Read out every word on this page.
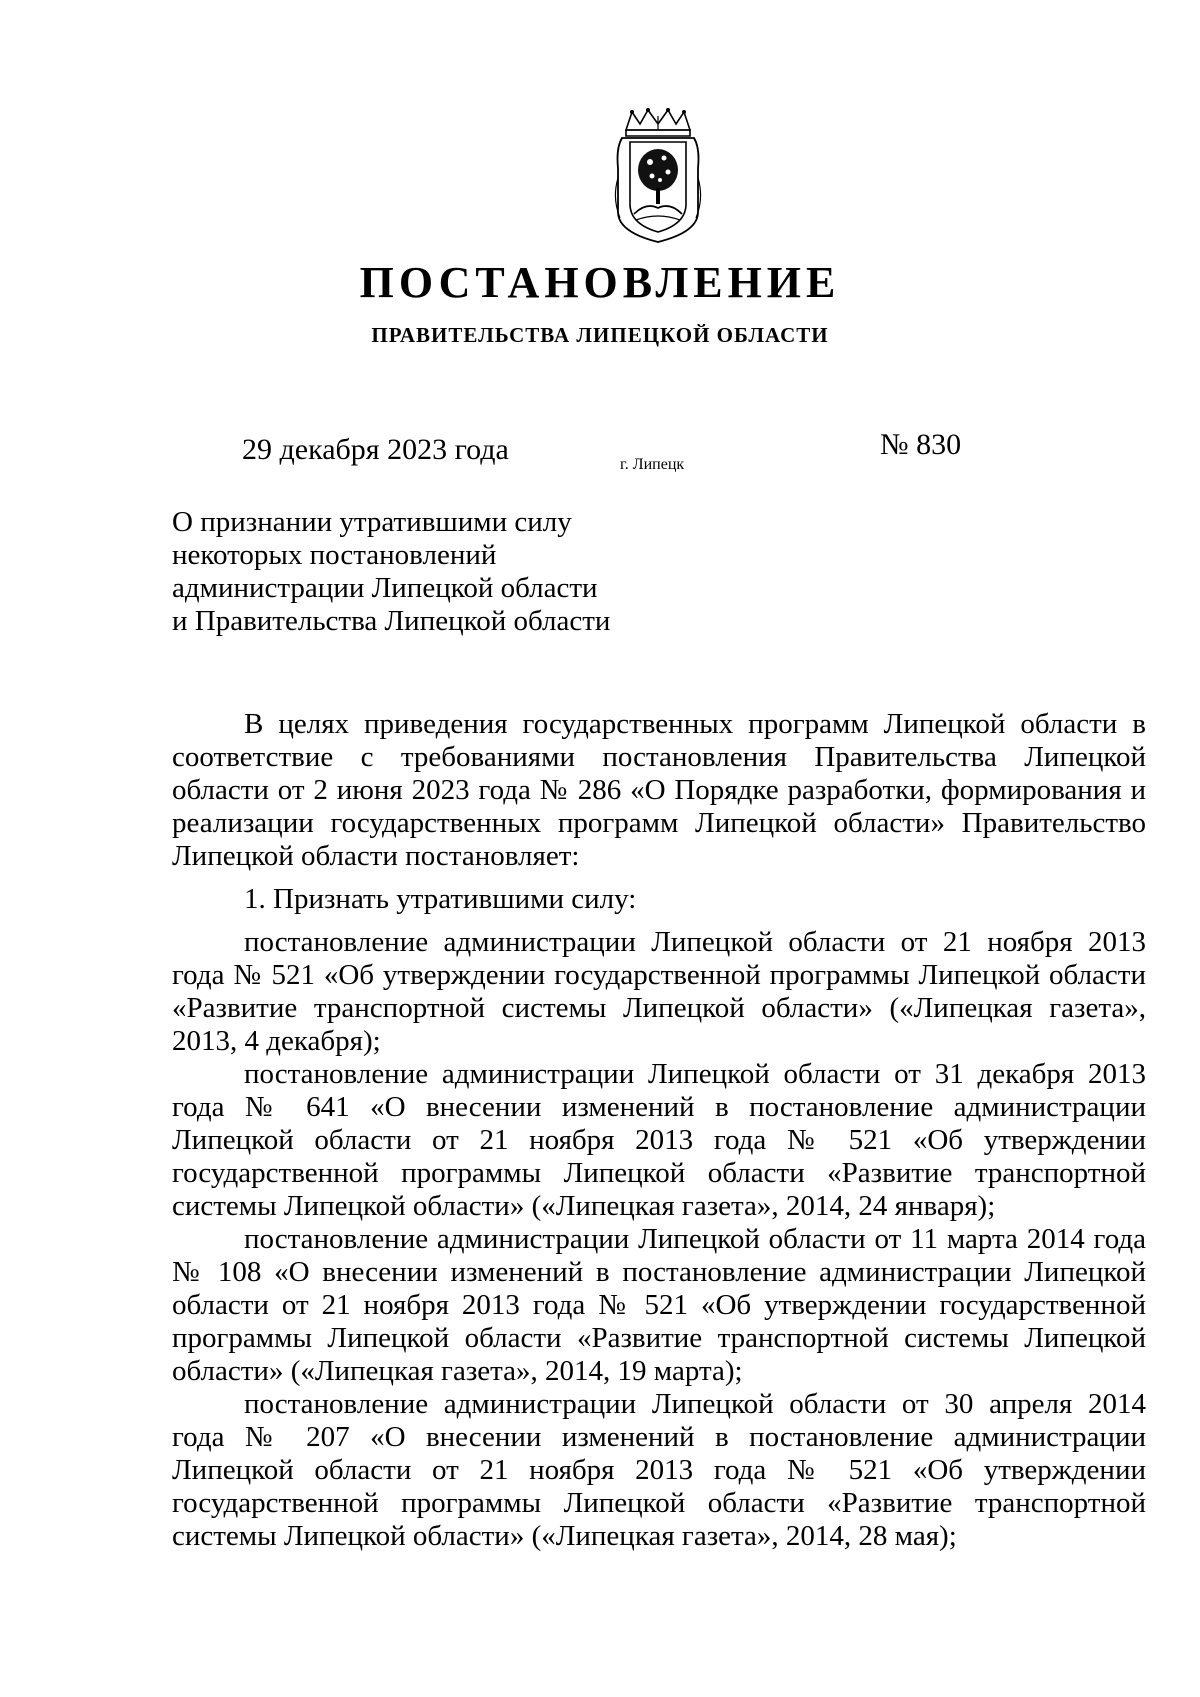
ПОСТАНОВЛЕНИЕ
ПРАВИТЕЛЬСТВА ЛИПЕЦКОЙ ОБЛАСТИ
29 декабря 2023 года	г. Липецк
№ 830
О признании утратившими силу
некоторых постановлений
администрации Липецкой области
и Правительства Липецкой области

В целях приведения государственных программ Липецкой области в соответствие с требованиями постановления Правительства Липецкой области от 2 июня 2023 года № 286 «О Порядке разработки, формирования и реализации государственных программ Липецкой области» Правительство Липецкой области постановляет:

1. Признать утратившими силу:

постановление администрации Липецкой области от 21 ноября 2013 года № 521 «Об утверждении государственной программы Липецкой области «Развитие транспортной системы Липецкой области» («Липецкая газета», 2013, 4 декабря);

постановление администрации Липецкой области от 31 декабря 2013 года № 641 «О внесении изменений в постановление администрации Липецкой области от 21 ноября 2013 года № 521 «Об утверждении государственной программы Липецкой области «Развитие транспортной системы Липецкой области» («Липецкая газета», 2014, 24 января);

постановление администрации Липецкой области от 11 марта 2014 года № 108 «О внесении изменений в постановление администрации Липецкой области от 21 ноября 2013 года № 521 «Об утверждении государственной программы Липецкой области «Развитие транспортной системы Липецкой области» («Липецкая газета», 2014, 19 марта);

постановление администрации Липецкой области от 30 апреля 2014 года № 207 «О внесении изменений в постановление администрации Липецкой области от 21 ноября 2013 года № 521 «Об утверждении государственной программы Липецкой области «Развитие транспортной системы Липецкой области» («Липецкая газета», 2014, 28 мая);
